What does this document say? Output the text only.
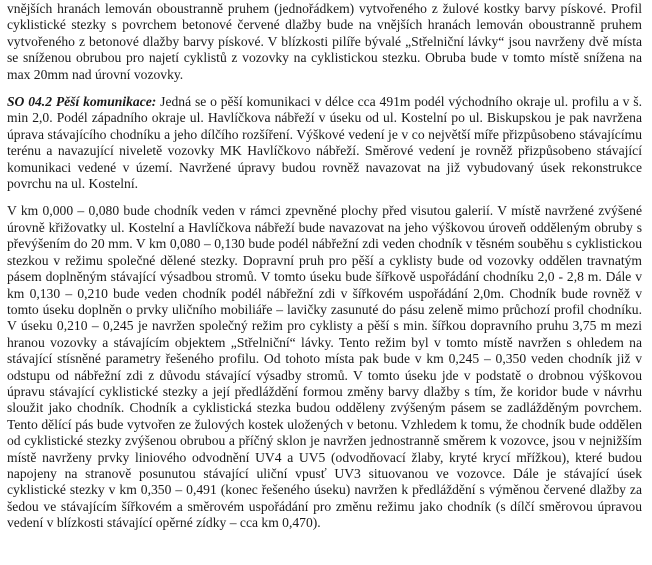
vnějších hranách lemován oboustranně pruhem (jednořádkem) vytvořeného z žulové kostky barvy pískové. Profil cyklistické stezky s povrchem betonové červené dlažby bude na vnějších hranách lemován oboustranně pruhem vytvořeného z betonové dlažby barvy pískové. V blízkosti pilíře bývalé „Střelniční lávky“ jsou navrženy dvě místa se sníženou obrubou pro najetí cyklistů z vozovky na cyklistickou stezku. Obruba bude v tomto místě snížena na max 20mm nad úrovní vozovky.

SO 04.2 Pěší komunikace: Jedná se o pěší komunikaci v délce cca 491m podél východního okraje ul. profilu a v š. min 2,0. Podél západního okraje ul. Havlíčkova nábřeží v úseku od ul. Kostelní po ul. Biskupskou je pak navržena úprava stávajícího chodníku a jeho dílčího rozšíření. Výškové vedení je v co největší míře přizpůsobeno stávajícímu terénu a navazující niveletě vozovky MK Havlíčkovo nábřeží. Směrové vedení je rovněž přizpůsobeno stávající komunikaci vedené v území. Navržené úpravy budou rovněž navazovat na již vybudovaný úsek rekonstrukce povrchu na ul. Kostelní.

V km 0,000 – 0,080 bude chodník veden v rámci zpevněné plochy před visutou galerií. V místě navržené zvýšené úrovně křižovatky ul. Kostelní a Havlíčkova nábřeží bude navazovat na jeho výškovou úroveň odděleným obruby s převýšením do 20 mm. V km 0,080 – 0,130 bude podél nábřežní zdi veden chodník v těsném souběhu s cyklistickou stezkou v režimu společné dělené stezky. Dopravní pruh pro pěší a cyklisty bude od vozovky oddělen travnatým pásem doplněným stávající výsadbou stromů. V tomto úseku bude šířkově uspořádání chodníku 2,0 - 2,8 m. Dále v km 0,130 – 0,210 bude veden chodník podél nábřežní zdi v šířkovém uspořádání 2,0m. Chodník bude rovněž v tomto úseku doplněn o prvky uličního mobiliáře – lavičky zasunuté do pásu zeleně mimo průchozí profil chodníku. V úseku 0,210 – 0,245 je navržen společný režim pro cyklisty a pěší s min. šířkou dopravního pruhu 3,75 m mezi hranou vozovky a stávajícím objektem „Střelniční“ lávky. Tento režim byl v tomto místě navržen s ohledem na stávající stísněné parametry řešeného profilu. Od tohoto místa pak bude v km 0,245 – 0,350 veden chodník již v odstupu od nábřežní zdi z důvodu stávající výsadby stromů. V tomto úseku jde v podstatě o drobnou výškovou úpravu stávající cyklistické stezky a její předláždění formou změny barvy dlažby s tím, že koridor bude v návrhu sloužit jako chodník. Chodník a cyklistická stezka budou odděleny zvýšeným pásem se zadlážděným povrchem. Tento dělící pás bude vytvořen ze žulových kostek uložených v betonu. Vzhledem k tomu, že chodník bude oddělen od cyklistické stezky zvýšenou obrubou a příčný sklon je navržen jednostranně směrem k vozovce, jsou v nejnižším místě navrženy prvky liniového odvodnění UV4 a UV5 (odvodňovací žlaby, kryté krycí mřížkou), které budou napojeny na stranově posunutou stávající uliční vpusť UV3 situovanou ve vozovce. Dále je stávající úsek cyklistické stezky v km 0,350 – 0,491 (konec řešeného úseku) navržen k předláždění s výměnou červené dlažby za šedou ve stávajícím šířkovém a směrovém uspořádání pro změnu režimu jako chodník (s dílčí směrovou úpravou vedení v blízkosti stávající opěrné zídky – cca km 0,470).
